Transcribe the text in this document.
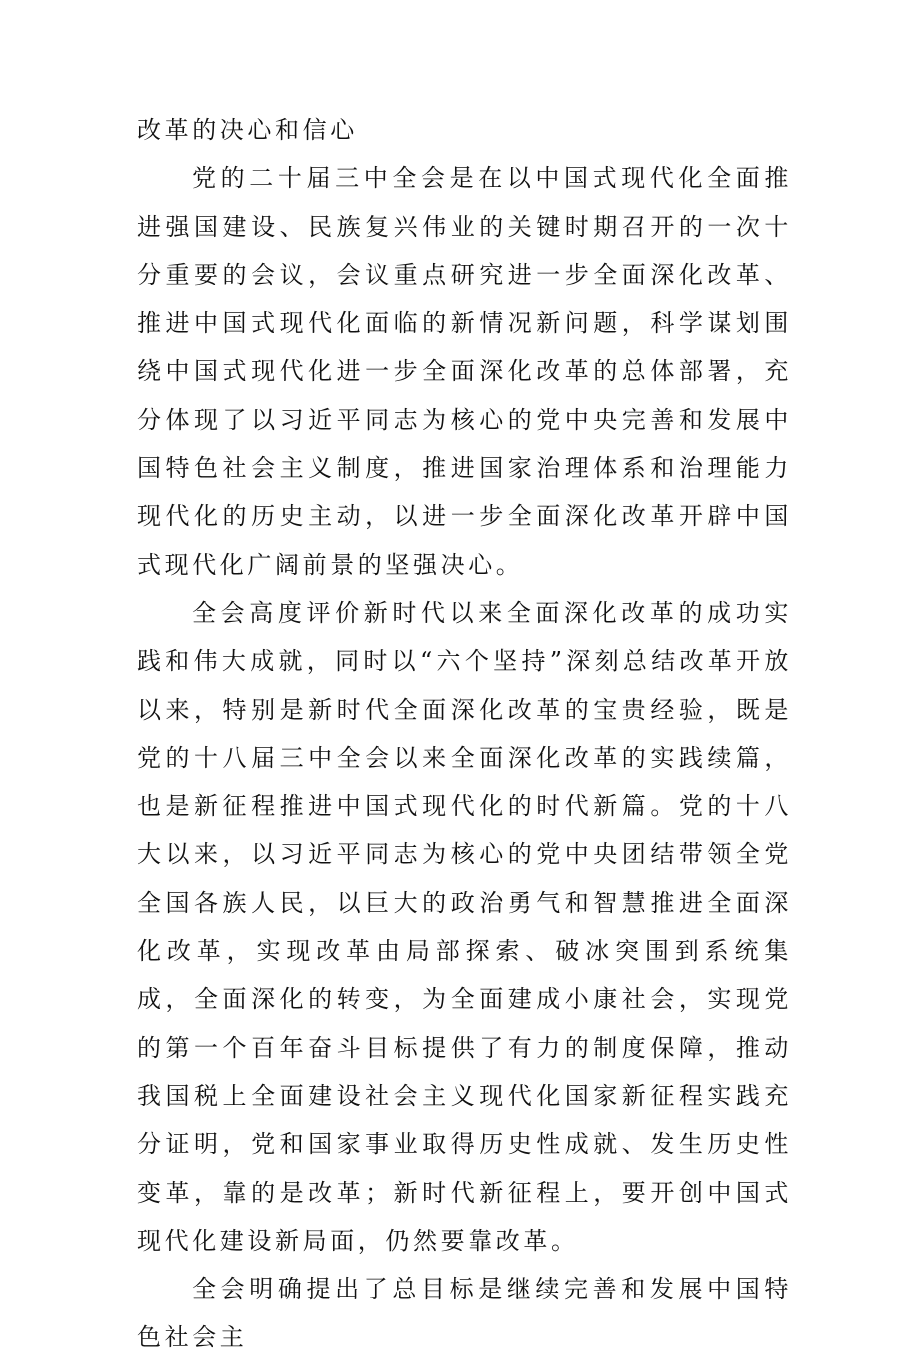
改革的决心和信心

党的二十届三中全会是在以中国式现代化全面推进强国建设、民族复兴伟业的关键时期召开的一次十分重要的会议，会议重点研究进一步全面深化改革、推进中国式现代化面临的新情况新问题，科学谋划围绕中国式现代化进一步全面深化改革的总体部署，充分体现了以习近平同志为核心的党中央完善和发展中国特色社会主义制度，推进国家治理体系和治理能力现代化的历史主动，以进一步全面深化改革开辟中国式现代化广阔前景的坚强决心。

全会高度评价新时代以来全面深化改革的成功实践和伟大成就，同时以“六个坚持”深刻总结改革开放以来，特别是新时代全面深化改革的宝贵经验，既是党的十八届三中全会以来全面深化改革的实践续篇，也是新征程推进中国式现代化的时代新篇。党的十八大以来，以习近平同志为核心的党中央团结带领全党全国各族人民，以巨大的政治勇气和智慧推进全面深化改革，实现改革由局部探索、破冰突围到系统集成，全面深化的转变，为全面建成小康社会，实现党的第一个百年奋斗目标提供了有力的制度保障，推动我国税上全面建设社会主义现代化国家新征程实践充分证明，党和国家事业取得历史性成就、发生历史性变革，靠的是改革；新时代新征程上，要开创中国式现代化建设新局面，仍然要靠改革。

全会明确提出了总目标是继续完善和发展中国特色社会主
